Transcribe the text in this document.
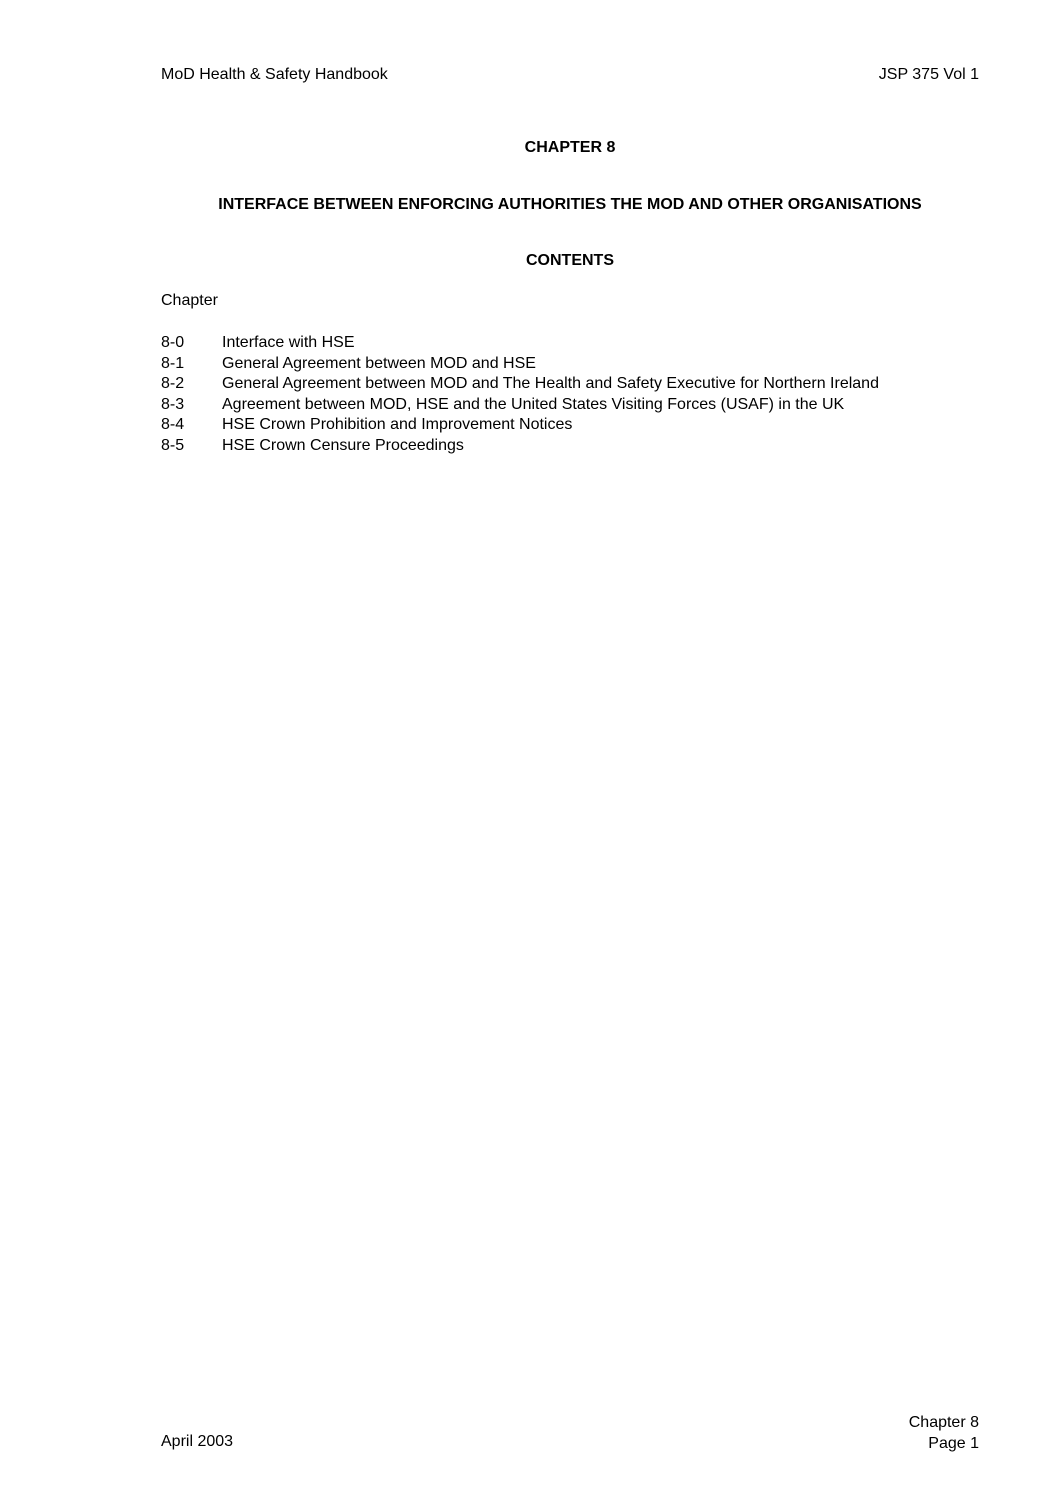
MoD Health & Safety Handbook	JSP 375 Vol 1
CHAPTER 8
INTERFACE BETWEEN ENFORCING AUTHORITIES THE MOD AND OTHER ORGANISATIONS
CONTENTS
Chapter
8-0	Interface with HSE
8-1	General Agreement between MOD and HSE
8-2	General Agreement between MOD and The Health and Safety Executive for Northern Ireland
8-3	Agreement between MOD, HSE and the United States Visiting Forces (USAF) in the UK
8-4	HSE Crown Prohibition and Improvement Notices
8-5	HSE Crown Censure Proceedings
April 2003
Chapter 8
Page 1
